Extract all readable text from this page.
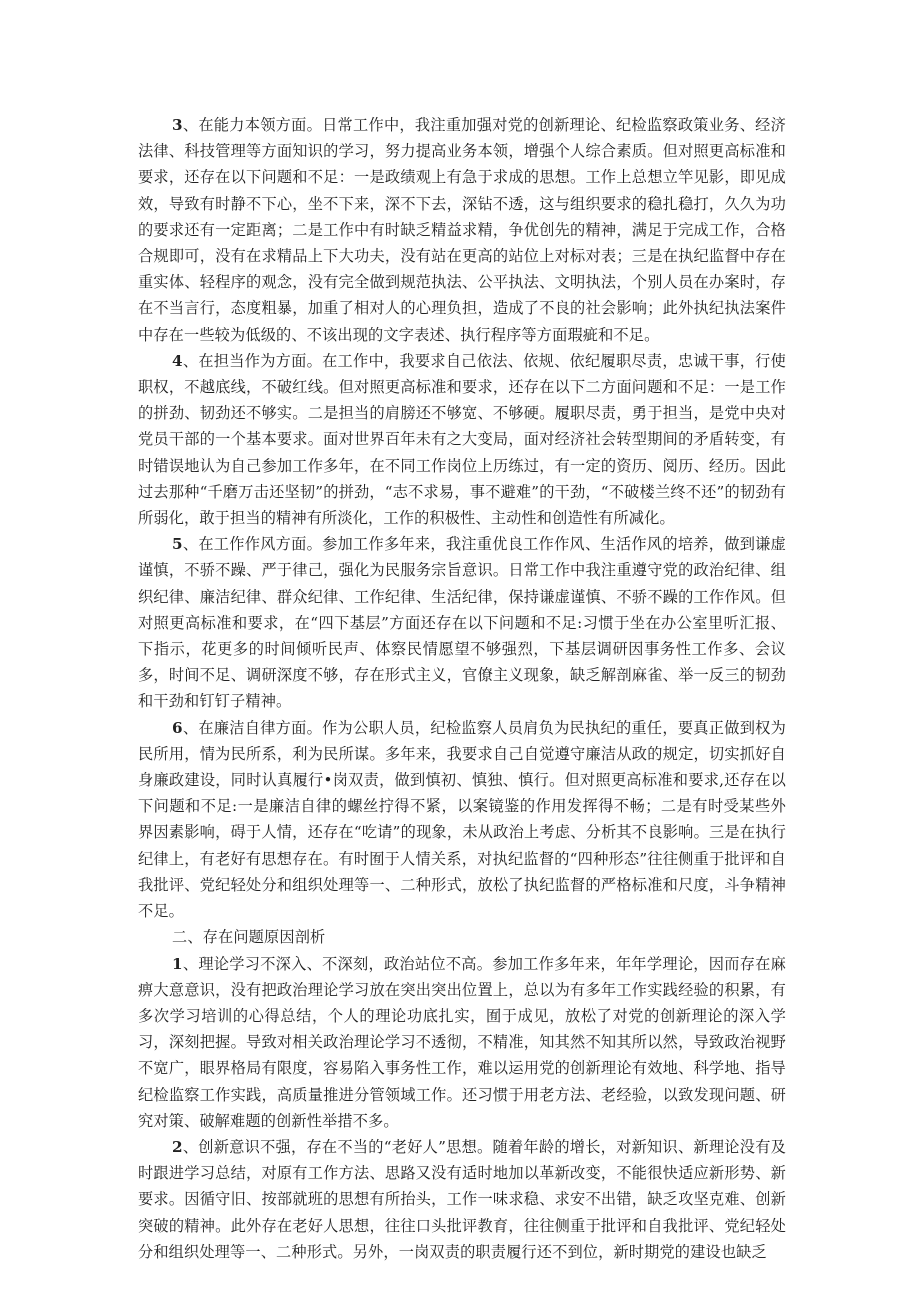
3、在能力本领方面。日常工作中，我注重加强对党的创新理论、纪检监察政策业务、经济法律、科技管理等方面知识的学习，努力提高业务本领，增强个人综合素质。但对照更高标准和要求，还存在以下问题和不足：一是政绩观上有急于求成的思想。工作上总想立竿见影，即见成效，导致有时静不下心，坐不下来，深不下去，深钻不透，这与组织要求的稳扎稳打，久久为功的要求还有一定距离；二是工作中有时缺乏精益求精，争优创先的精神，满足于完成工作，合格合规即可，没有在求精品上下大功夫，没有站在更高的站位上对标对表；三是在执纪监督中存在重实体、轻程序的观念，没有完全做到规范执法、公平执法、文明执法，个别人员在办案时，存在不当言行，态度粗暴，加重了相对人的心理负担，造成了不良的社会影响；此外执纪执法案件中存在一些较为低级的、不该出现的文字表述、执行程序等方面瑕疵和不足。

4、在担当作为方面。在工作中，我要求自己依法、依规、依纪履职尽责，忠诚干事，行使职权，不越底线，不破红线。但对照更高标准和要求，还存在以下二方面问题和不足：一是工作的拼劲、韧劲还不够实。二是担当的肩膀还不够宽、不够硬。履职尽责，勇于担当，是党中央对党员干部的一个基本要求。面对世界百年未有之大变局，面对经济社会转型期间的矛盾转变，有时错误地认为自己参加工作多年，在不同工作岗位上历练过，有一定的资历、阅历、经历。因此过去那种“千磨万击还坚韧”的拼劲，“志不求易，事不避难”的干劲，“不破楼兰终不还”的韧劲有所弱化，敢于担当的精神有所淡化，工作的积极性、主动性和创造性有所减化。

5、在工作作风方面。参加工作多年来，我注重优良工作作风、生活作风的培养，做到谦虚谨慎，不骄不躁、严于律己，强化为民服务宗旨意识。日常工作中我注重遵守党的政治纪律、组织纪律、廉洁纪律、群众纪律、工作纪律、生活纪律，保持谦虚谨慎、不骄不躁的工作作风。但对照更高标准和要求，在“四下基层”方面还存在以下问题和不足:习惯于坐在办公室里听汇报、下指示，花更多的时间倾听民声、体察民情愿望不够强烈，下基层调研因事务性工作多、会议多，时间不足、调研深度不够，存在形式主义，官僚主义现象，缺乏解剖麻雀、举一反三的韧劲和干劲和钉钉子精神。

6、在廉洁自律方面。作为公职人员，纪检监察人员肩负为民执纪的重任，要真正做到权为民所用，情为民所系，利为民所谋。多年来，我要求自己自觉遵守廉洁从政的规定，切实抓好自身廉政建设，同时认真履行•岗双责，做到慎初、慎独、慎行。但对照更高标准和要求,还存在以下问题和不足:一是廉洁自律的螺丝拧得不紧，以案镜鉴的作用发挥得不畅；二是有时受某些外界因素影响，碍于人情，还存在“吃请”的现象，未从政治上考虑、分析其不良影响。三是在执行纪律上，有老好有思想存在。有时囿于人情关系，对执纪监督的“四种形态”往往侧重于批评和自我批评、党纪轻处分和组织处理等一、二种形式，放松了执纪监督的严格标准和尺度，斗争精神不足。

二、存在问题原因剖析

1、理论学习不深入、不深刻，政治站位不高。参加工作多年来，年年学理论，因而存在麻痹大意意识，没有把政治理论学习放在突出突出位置上，总以为有多年工作实践经验的积累，有多次学习培训的心得总结，个人的理论功底扎实，囿于成见，放松了对党的创新理论的深入学习，深刻把握。导致对相关政治理论学习不透彻，不精准，知其然不知其所以然，导致政治视野不宽广，眼界格局有限度，容易陷入事务性工作，难以运用党的创新理论有效地、科学地、指导纪检监察工作实践，高质量推进分管领域工作。还习惯于用老方法、老经验，以致发现问题、研究对策、破解难题的创新性举措不多。

2、创新意识不强，存在不当的“老好人”思想。随着年龄的增长，对新知识、新理论没有及时跟进学习总结，对原有工作方法、思路又没有适时地加以革新改变，不能很快适应新形势、新要求。因循守旧、按部就班的思想有所抬头，工作一味求稳、求安不出错，缺乏攻坚克难、创新突破的精神。此外存在老好人思想，往往口头批评教育，往往侧重于批评和自我批评、党纪轻处分和组织处理等一、二种形式。另外，一岗双责的职责履行还不到位，新时期党的建设也缺乏
